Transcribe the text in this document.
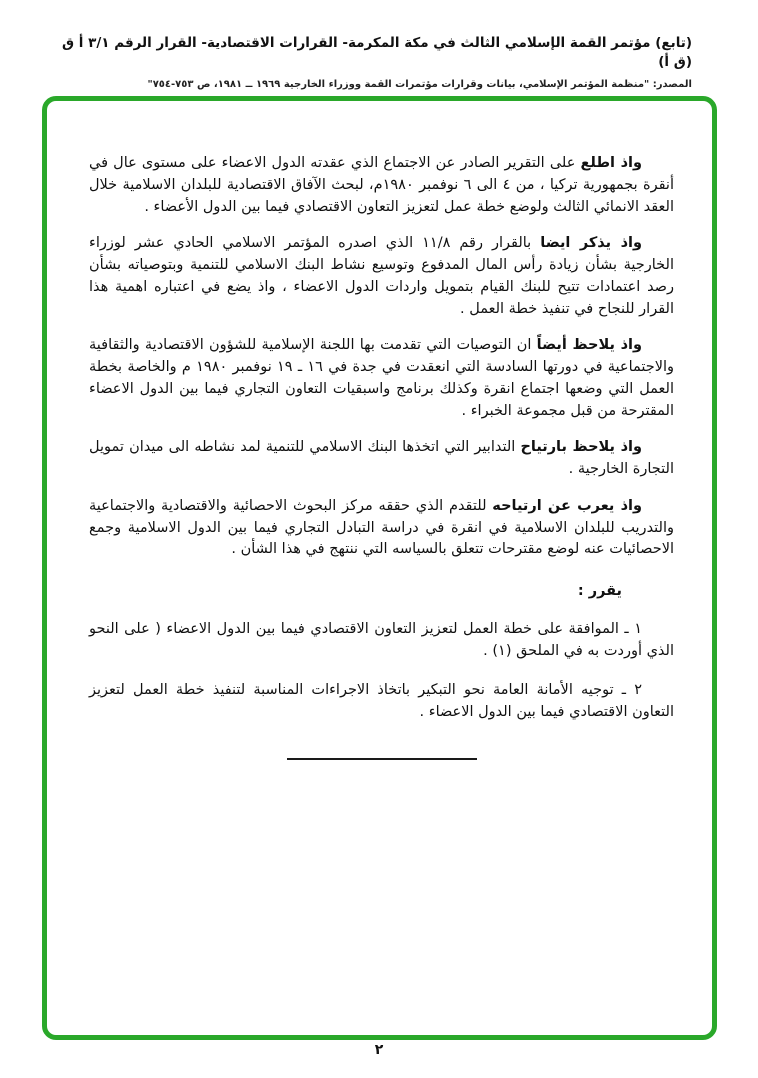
(تابع) مؤتمر القمة الإسلامي الثالث في مكة المكرمة- القرارات الاقتصادية- القرار الرقم ٣/١ أ ق (ق أ)
المصدر: "منظمة المؤتمر الإسلامي، بيانات وقرارات مؤتمرات القمة ووزراء الخارجية ١٩٦٩ ــ ١٩٨١، ص ٧٥٣-٧٥٤"

واذ اطلع على التقرير الصادر عن الاجتماع الذي عقدته الدول الاعضاء على مستوى عال في أنقرة بجمهورية تركيا ، من ٤ الى ٦ نوفمبر ١٩٨٠م، لبحث الآفاق الاقتصادية للبلدان الاسلامية خلال العقد الانمائي الثالث ولوضع خطة عمل لتعزيز التعاون الاقتصادي فيما بين الدول الأعضاء .

واذ يذكر ايضا بالقرار رقم ١١/٨ الذي اصدره المؤتمر الاسلامي الحادي عشر لوزراء الخارجية بشأن زيادة رأس المال المدفوع وتوسيع نشاط البنك الاسلامي للتنمية وبتوصياته بشأن رصد اعتمادات تتيح للبنك القيام بتمويل واردات الدول الاعضاء ، واذ يضع في اعتباره اهمية هذا القرار للنجاح في تنفيذ خطة العمل .

واذ يلاحظ أيضاً ان التوصيات التي تقدمت بها اللجنة الإسلامية للشؤون الاقتصادية والثقافية والاجتماعية في دورتها السادسة التي انعقدت في جدة في ١٦ ـ ١٩ نوفمبر ١٩٨٠ م والخاصة بخطة العمل التي وضعها اجتماع انقرة وكذلك برنامج واسبقيات التعاون التجاري فيما بين الدول الاعضاء المقترحة من قبل مجموعة الخبراء .

واذ يلاحظ بارتياح التدابير التي اتخذها البنك الاسلامي للتنمية لمد نشاطه الى ميدان تمويل التجارة الخارجية .

واذ يعرب عن ارتياحه للتقدم الذي حققه مركز البحوث الاحصائية والاقتصادية والاجتماعية والتدريب للبلدان الاسلامية في انقرة في دراسة التبادل التجاري فيما بين الدول الاسلامية وجمع الاحصائيات عنه لوضع مقترحات تتعلق بالسياسه التي ننتهج في هذا الشأن .

يقرر :

١ ـ الموافقة على خطة العمل لتعزيز التعاون الاقتصادي فيما بين الدول الاعضاء ( على النحو الذي أوردت به في الملحق (١) .

٢ ـ توجيه الأمانة العامة نحو التبكير باتخاذ الاجراءات المناسبة لتنفيذ خطة العمل لتعزيز التعاون الاقتصادي فيما بين الدول الاعضاء .

٢
